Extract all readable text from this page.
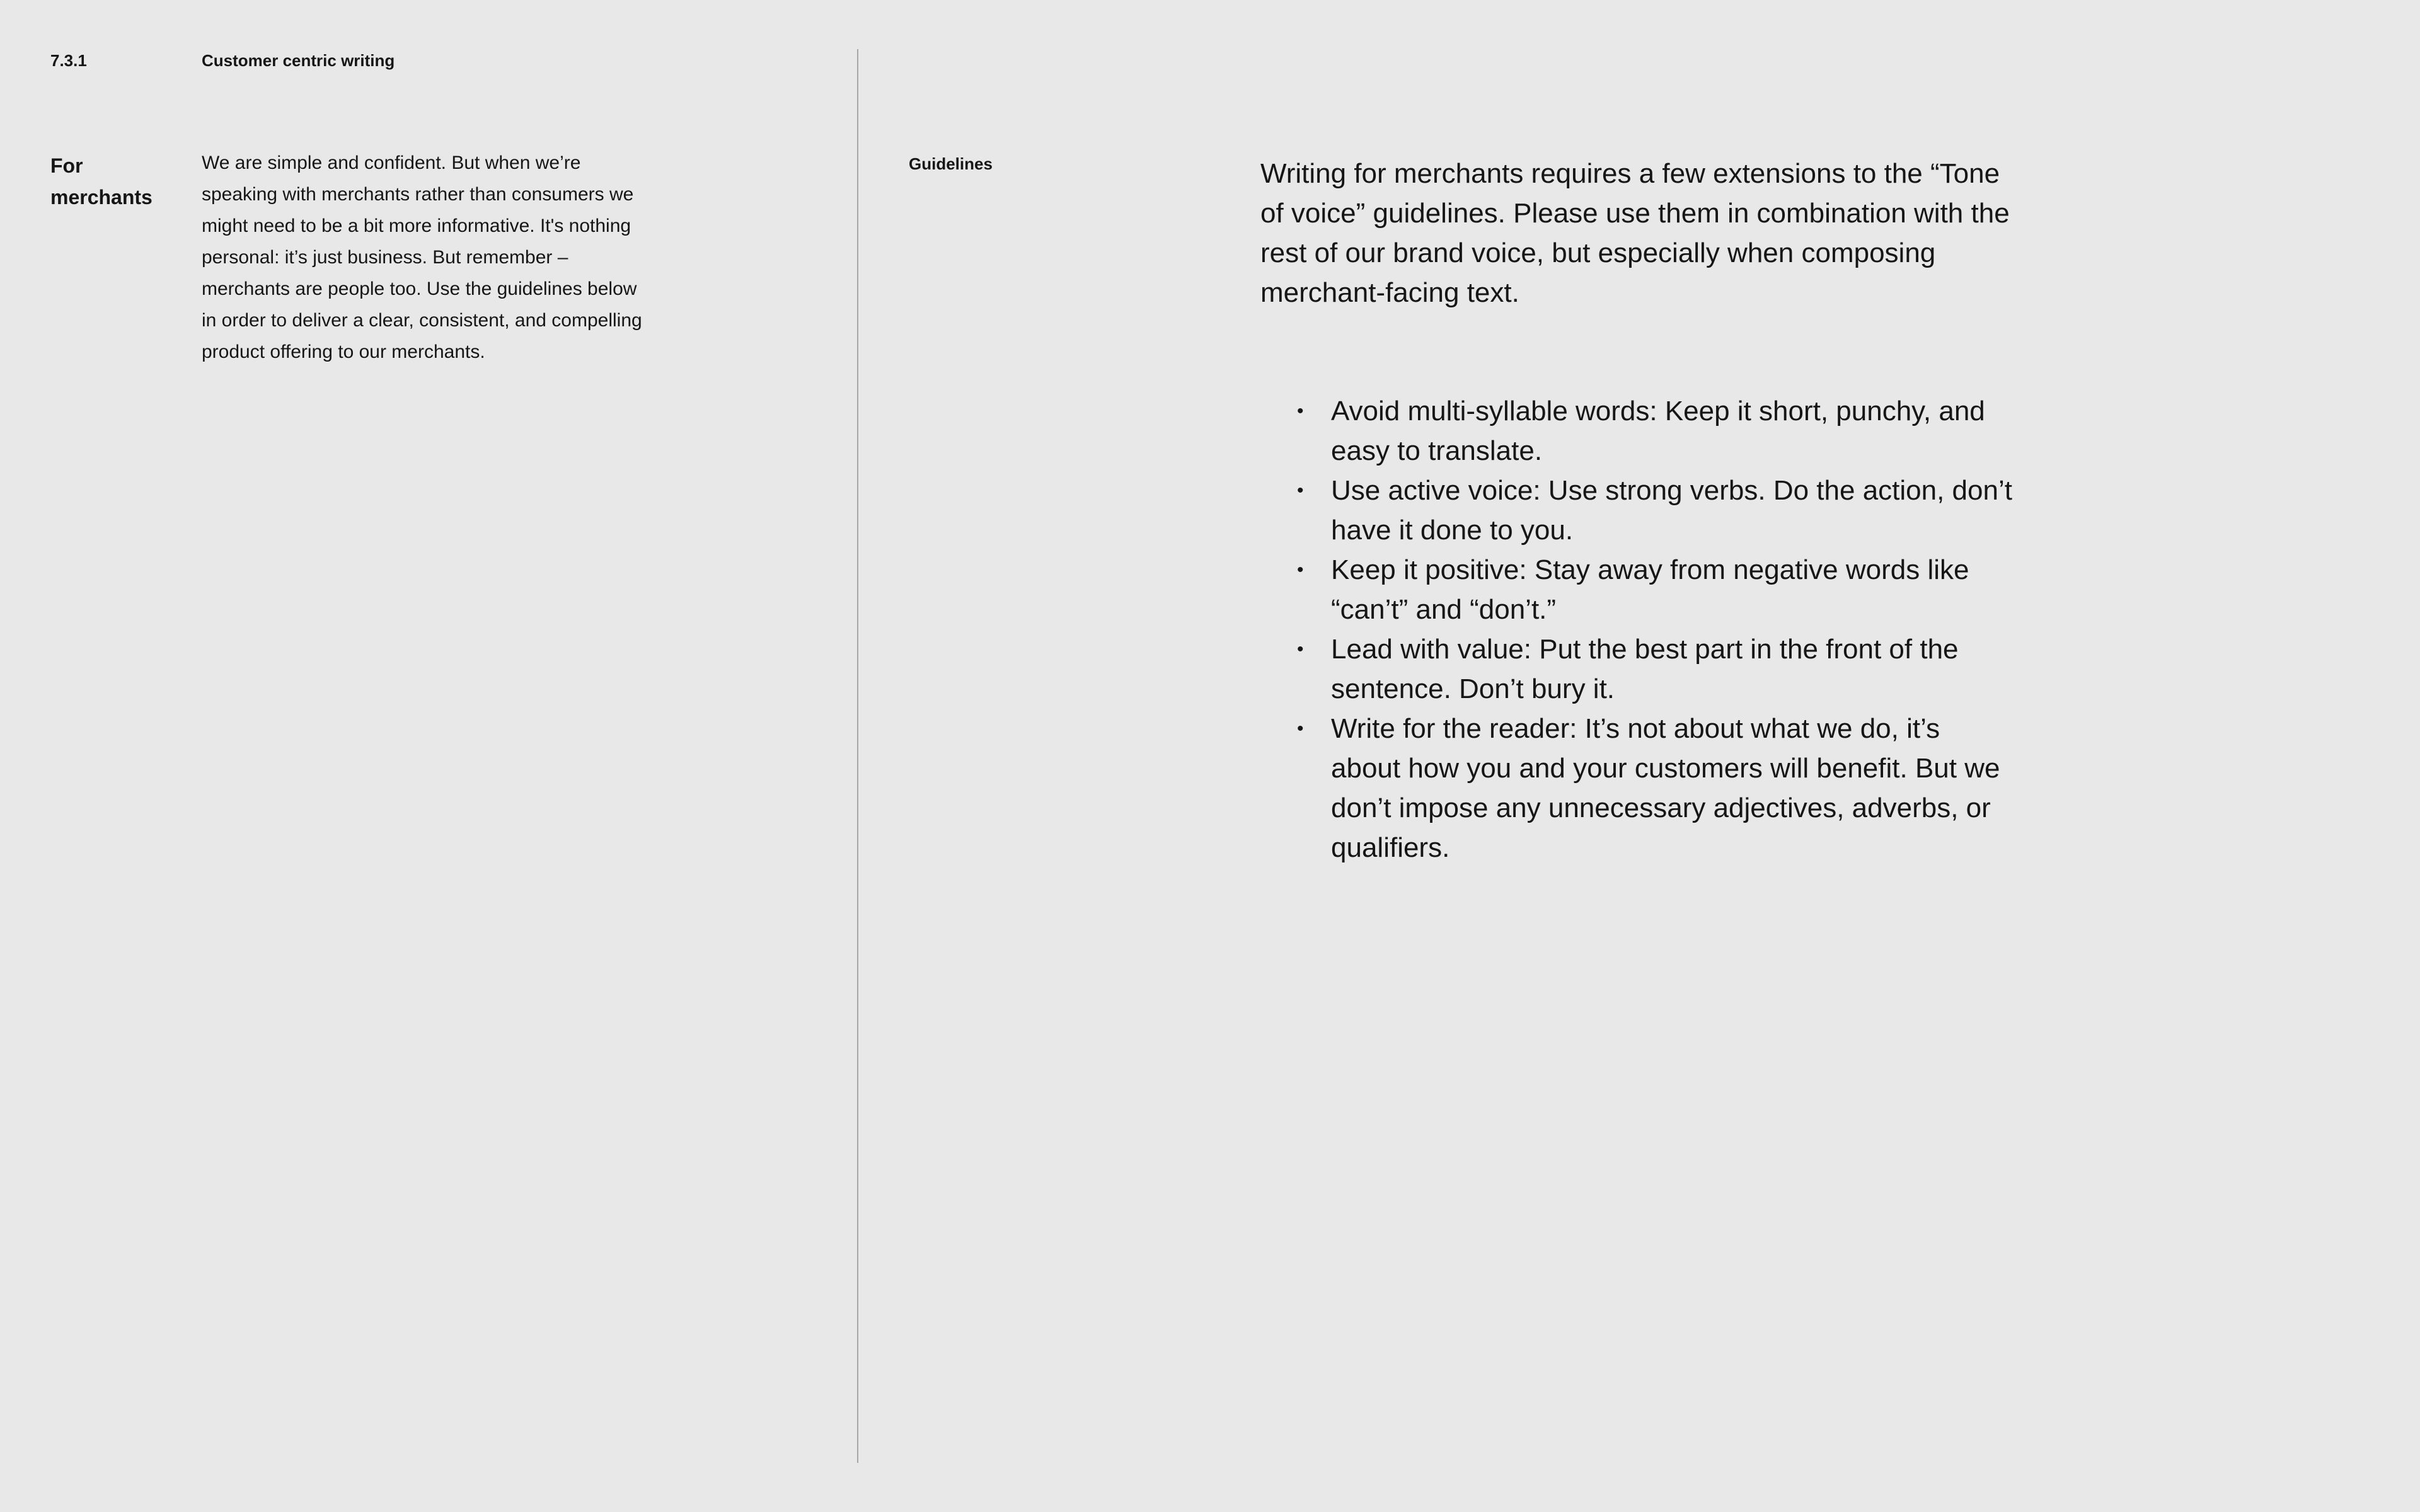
7.3.1	Customer centric writing
For merchants
We are simple and confident. But when we’re speaking with merchants rather than consumers we might need to be a bit more informative. It's nothing personal: it’s just business. But remember – merchants are people too. Use the guidelines below in order to deliver a clear, consistent, and compelling product offering to our merchants.
Guidelines	Writing for merchants requires a few extensions to the “Tone of voice” guidelines. Please use them in combination with the rest of our brand voice, but especially when composing merchant-facing text.
• Avoid multi-syllable words: Keep it short, punchy, and easy to translate.
• Use active voice: Use strong verbs. Do the action, don’t have it done to you.
• Keep it positive: Stay away from negative words like “can’t” and “don’t.”
• Lead with value: Put the best part in the front of the sentence. Don’t bury it.
• Write for the reader: It’s not about what we do, it’s about how you and your customers will benefit. But we don’t impose any unnecessary adjectives, adverbs, or qualifiers.
